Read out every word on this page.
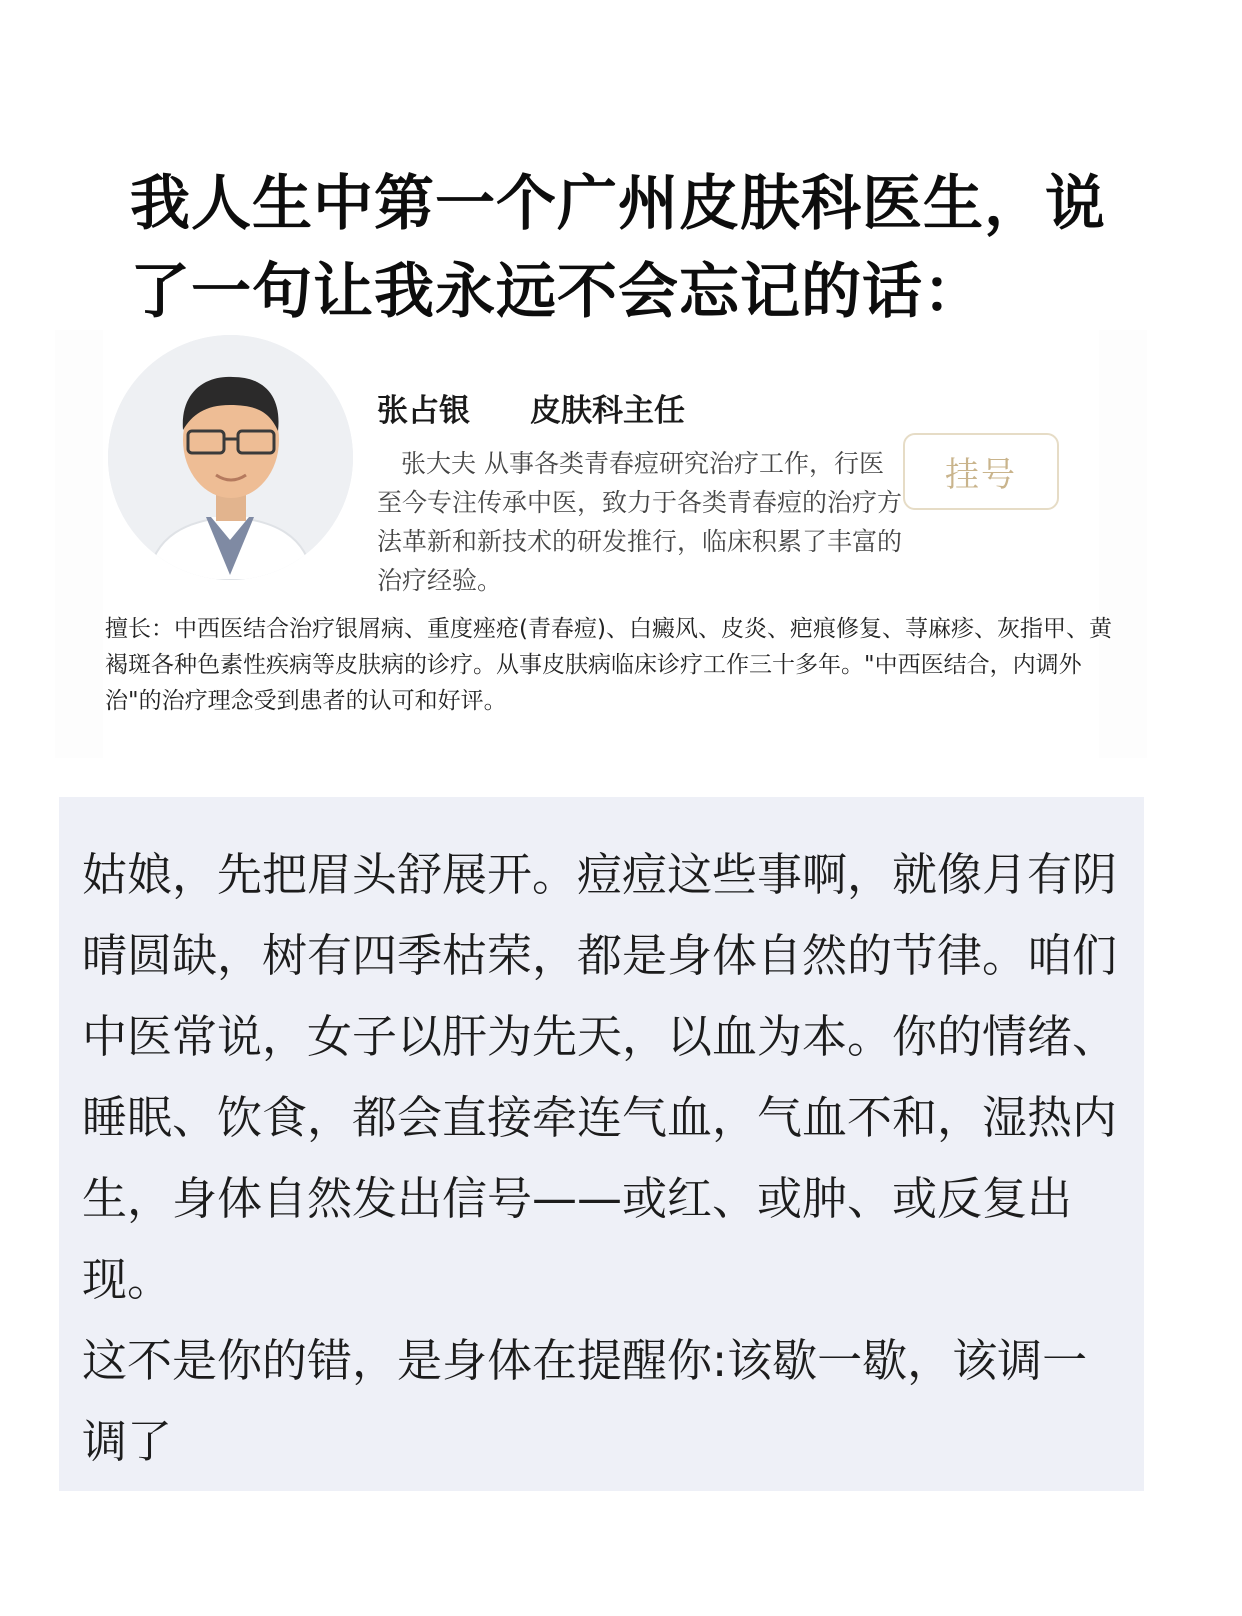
我人生中第一个广州皮肤科医生，说了一句让我永远不会忘记的话：
张占银 皮肤科主任

张大夫 从事各类青春痘研究治疗工作，行医至今专注传承中医，致力于各类青春痘的治疗方法革新和新技术的研发推行，临床积累了丰富的治疗经验。

挂号

擅长：中西医结合治疗银屑病、重度痤疮(青春痘)、白癜风、皮炎、疤痕修复、荨麻疹、灰指甲、黄褐斑各种色素性疾病等皮肤病的诊疗。从事皮肤病临床诊疗工作三十多年。"中西医结合，内调外治"的治疗理念受到患者的认可和好评。

姑娘，先把眉头舒展开。痘痘这些事啊，就像月有阴晴圆缺，树有四季枯荣，都是身体自然的节律。咱们中医常说，女子以肝为先天，以血为本。你的情绪、睡眠、饮食，都会直接牵连气血，气血不和，湿热内生，身体自然发出信号——或红、或肿、或反复出现。
这不是你的错，是身体在提醒你:该歇一歇，该调一调了
